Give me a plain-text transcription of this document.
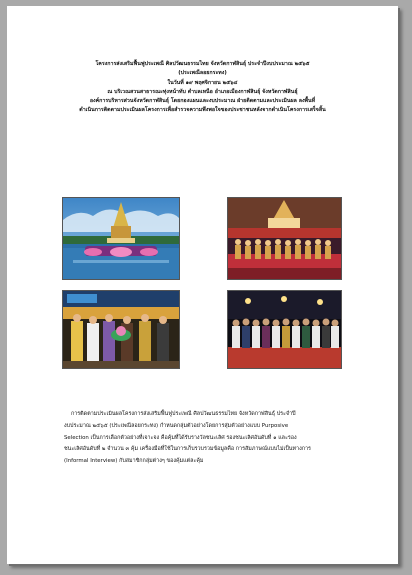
โครงการส่งเสริมฟื้นฟูประเพณี ศิลปวัฒนธรรมไทย จังหวัดกาฬสินธุ์ ประจำปีงบประมาณ ๒๕๖๕
(ประเพณีลอยกระทง)
ในวันที่ ๑๙ พฤศจิกายน ๒๕๖๔
ณ บริเวณสวนสาธารณะทุ่งหน้าทับ ตำบลเหนือ อำเภอเมืองกาฬสินธุ์ จังหวัดกาฬสินธุ์
องค์การบริหารส่วนจังหวัดกาฬสินธุ์ โดยกองแผนและงบประมาณ ฝ่ายติดตามและประเมินผล ลงพื้นที่
ดำเนินการติดตามประเมินผลโครงการเพื่อสำรวจความพึงพอใจของประชาชนหลังจากดำเนินโครงการเสร็จสิ้น
การติดตามประเมินผลโครงการส่งเสริมฟื้นฟูประเพณี ศิลปวัฒนธรรมไทย จังหวัดกาฬสินธุ์ ประจำปี
งบประมาณ ๒๕๖๕ (ประเพณีลอยกระทง) กำหนดกลุ่มตัวอย่างโดยการสุ่มตัวอย่างแบบ Purposive
Selection เป็นการเลือกตัวอย่างที่เจาะจง คือคุ้มที่ได้รับรางวัลชนะเลิศ รองชนะเลิศอันดับที่ ๑ และรอง
ชนะเลิศอันดับที่ ๒ จำนวน ๓ คุ้ม เครื่องมือที่ใช้ในการเก็บรวบรวมข้อมูลคือ การสัมภาษณ์แบบไม่เป็นทางการ
(Informal Interview) กับสมาชิกกลุ่มต่างๆ ของคุ้มแต่ละคุ้ม
